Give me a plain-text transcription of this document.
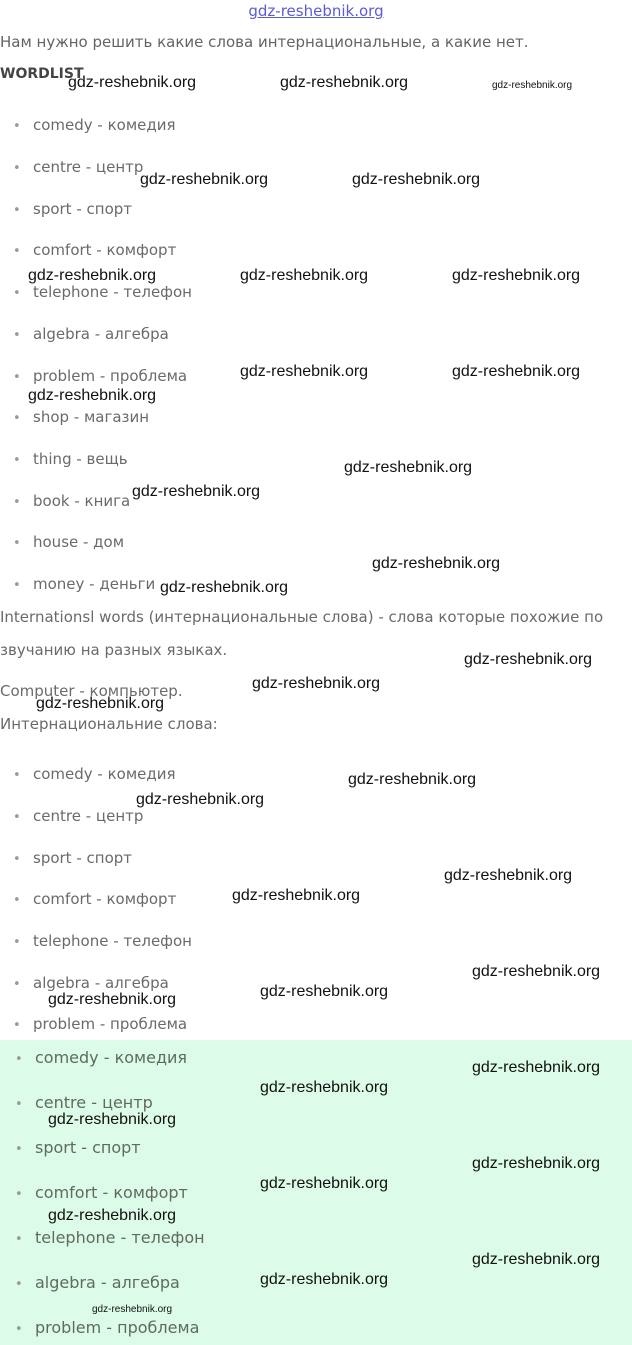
gdz-reshebnik.org
Нам нужно решить какие слова интернациональные, а какие нет.
WORDLIST
• comedy - комедия
• centre - центр
• sport - спорт
• comfort - комфорт
• telephone - телефон
• algebra - алгебра
• problem - проблема
• shop - магазин
• thing - вещь
• book - книга
• house - дом
• money - деньги
Internationsl words (интернациональные слова) - слова которые похожие по
звучанию на разных языках.
Computer - компьютер.
Интернациональние слова:
• comedy - комедия
• centre - центр
• sport - спорт
• comfort - комфорт
• telephone - телефон
• algebra - алгебра
• problem - проблема
• comedy - комедия
• centre - центр
• sport - спорт
• comfort - комфорт
• telephone - телефон
• algebra - алгебра
• problem - проблема
gdz-reshebnik.org	gdz-reshebnik.org	gdz-reshebnik.org
gdz-reshebnik.org	gdz-reshebnik.org
gdz-reshebnik.org	gdz-reshebnik.org	gdz-reshebnik.org
gdz-reshebnik.org	gdz-reshebnik.org
gdz-reshebnik.org
gdz-reshebnik.org
gdz-reshebnik.org
gdz-reshebnik.org
gdz-reshebnik.org
gdz-reshebnik.org
gdz-reshebnik.org
gdz-reshebnik.org
gdz-reshebnik.org
gdz-reshebnik.org
gdz-reshebnik.org
gdz-reshebnik.org
gdz-reshebnik.org
gdz-reshebnik.org
gdz-reshebnik.org
gdz-reshebnik.org
gdz-reshebnik.org
gdz-reshebnik.org
gdz-reshebnik.org
gdz-reshebnik.org
gdz-reshebnik.org
gdz-reshebnik.org
gdz-reshebnik.org
gdz-reshebnik.org
